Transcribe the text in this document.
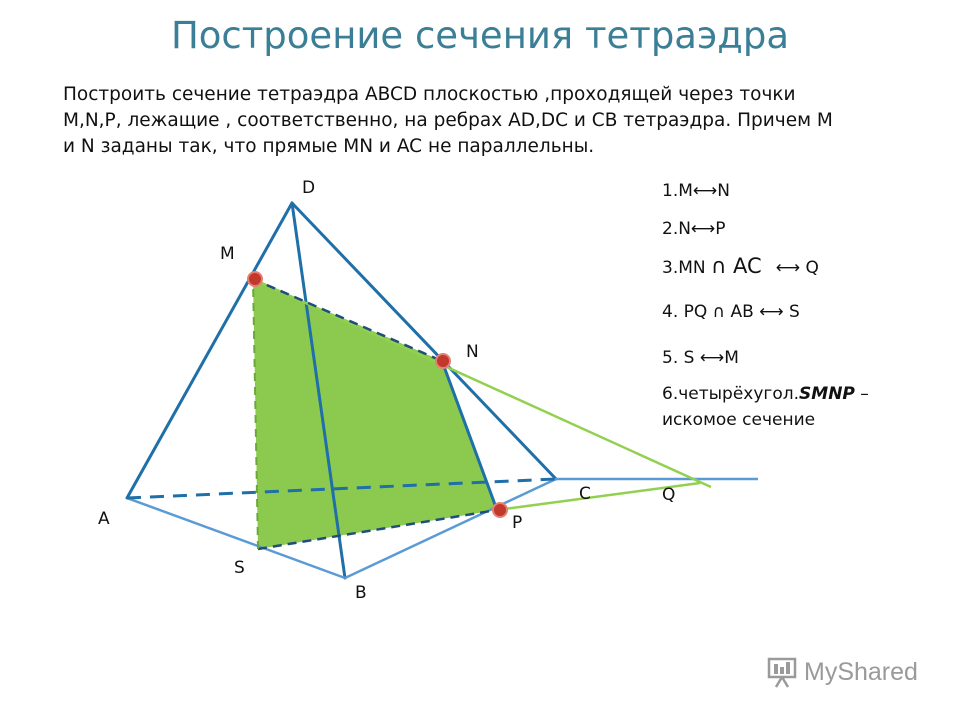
Построение сечения тетраэдра
Построить сечение тетраэдра ABCD плоскостью ,проходящей через точки
M,N,P, лежащие , соответственно, на ребрах AD,DC и CB тетраэдра. Причем M
и N заданы так, что прямые MN и AC не параллельны.
D
M
N
A
C	Q
P
S
B
1.M⟷N
2.N⟷P
3.MN ∩ AC ⟷ Q
4. PQ ∩ AB ⟷ S
5. S ⟷M
6.четырёхугол.SMNP –
искомое сечение
MyShared
